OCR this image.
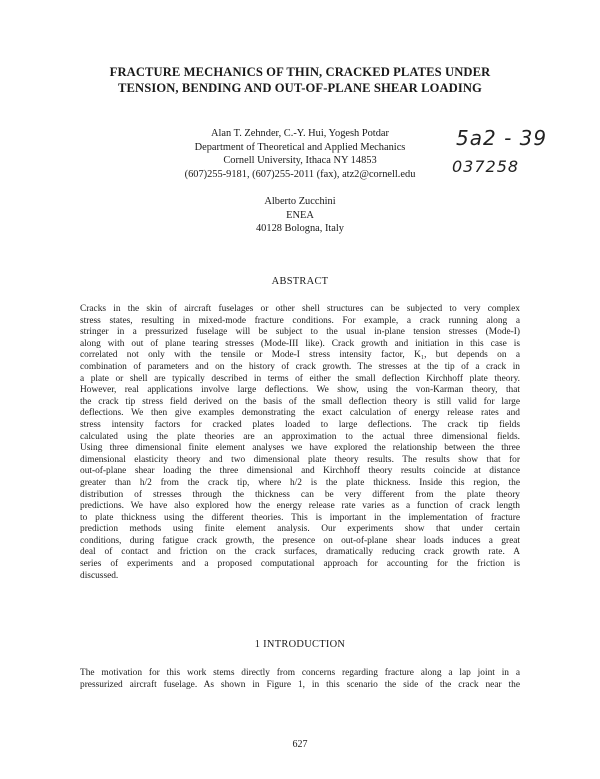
FRACTURE MECHANICS OF THIN, CRACKED PLATES UNDER
TENSION, BENDING AND OUT-OF-PLANE SHEAR LOADING
Alan T. Zehnder, C.-Y. Hui, Yogesh Potdar
Department of Theoretical and Applied Mechanics
Cornell University, Ithaca NY 14853
(607)255-9181, (607)255-2011 (fax), atz2@cornell.edu
5a2 - 39
037258
Alberto Zucchini
ENEA
40128 Bologna, Italy
ABSTRACT
Cracks in the skin of aircraft fuselages or other shell structures can be subjected to very complex
stress states, resulting in mixed-mode fracture conditions. For example, a crack running along a
stringer in a pressurized fuselage will be subject to the usual in-plane tension stresses (Mode-I)
along with out of plane tearing stresses (Mode-III like). Crack growth and initiation in this case is
correlated not only with the tensile or Mode-I stress intensity factor, K₁, but depends on a
combination of parameters and on the history of crack growth. The stresses at the tip of a crack in
a plate or shell are typically described in terms of either the small deflection Kirchhoff plate theory.
However, real applications involve large deflections. We show, using the von-Karman theory, that
the crack tip stress field derived on the basis of the small deflection theory is still valid for large
deflections. We then give examples demonstrating the exact calculation of energy release rates and
stress intensity factors for cracked plates loaded to large deflections. The crack tip fields
calculated using the plate theories are an approximation to the actual three dimensional fields.
Using three dimensional finite element analyses we have explored the relationship between the three
dimensional elasticity theory and two dimensional plate theory results. The results show that for
out-of-plane shear loading the three dimensional and Kirchhoff theory results coincide at distance
greater than h/2 from the crack tip, where h/2 is the plate thickness. Inside this region, the
distribution of stresses through the thickness can be very different from the plate theory
predictions. We have also explored how the energy release rate varies as a function of crack length
to plate thickness using the different theories. This is important in the implementation of fracture
prediction methods using finite element analysis. Our experiments show that under certain
conditions, during fatigue crack growth, the presence on out-of-plane shear loads induces a great
deal of contact and friction on the crack surfaces, dramatically reducing crack growth rate. A
series of experiments and a proposed computational approach for accounting for the friction is
discussed.
1 INTRODUCTION
The motivation for this work stems directly from concerns regarding fracture along a lap joint in a
pressurized aircraft fuselage. As shown in Figure 1, in this scenario the side of the crack near the
627
